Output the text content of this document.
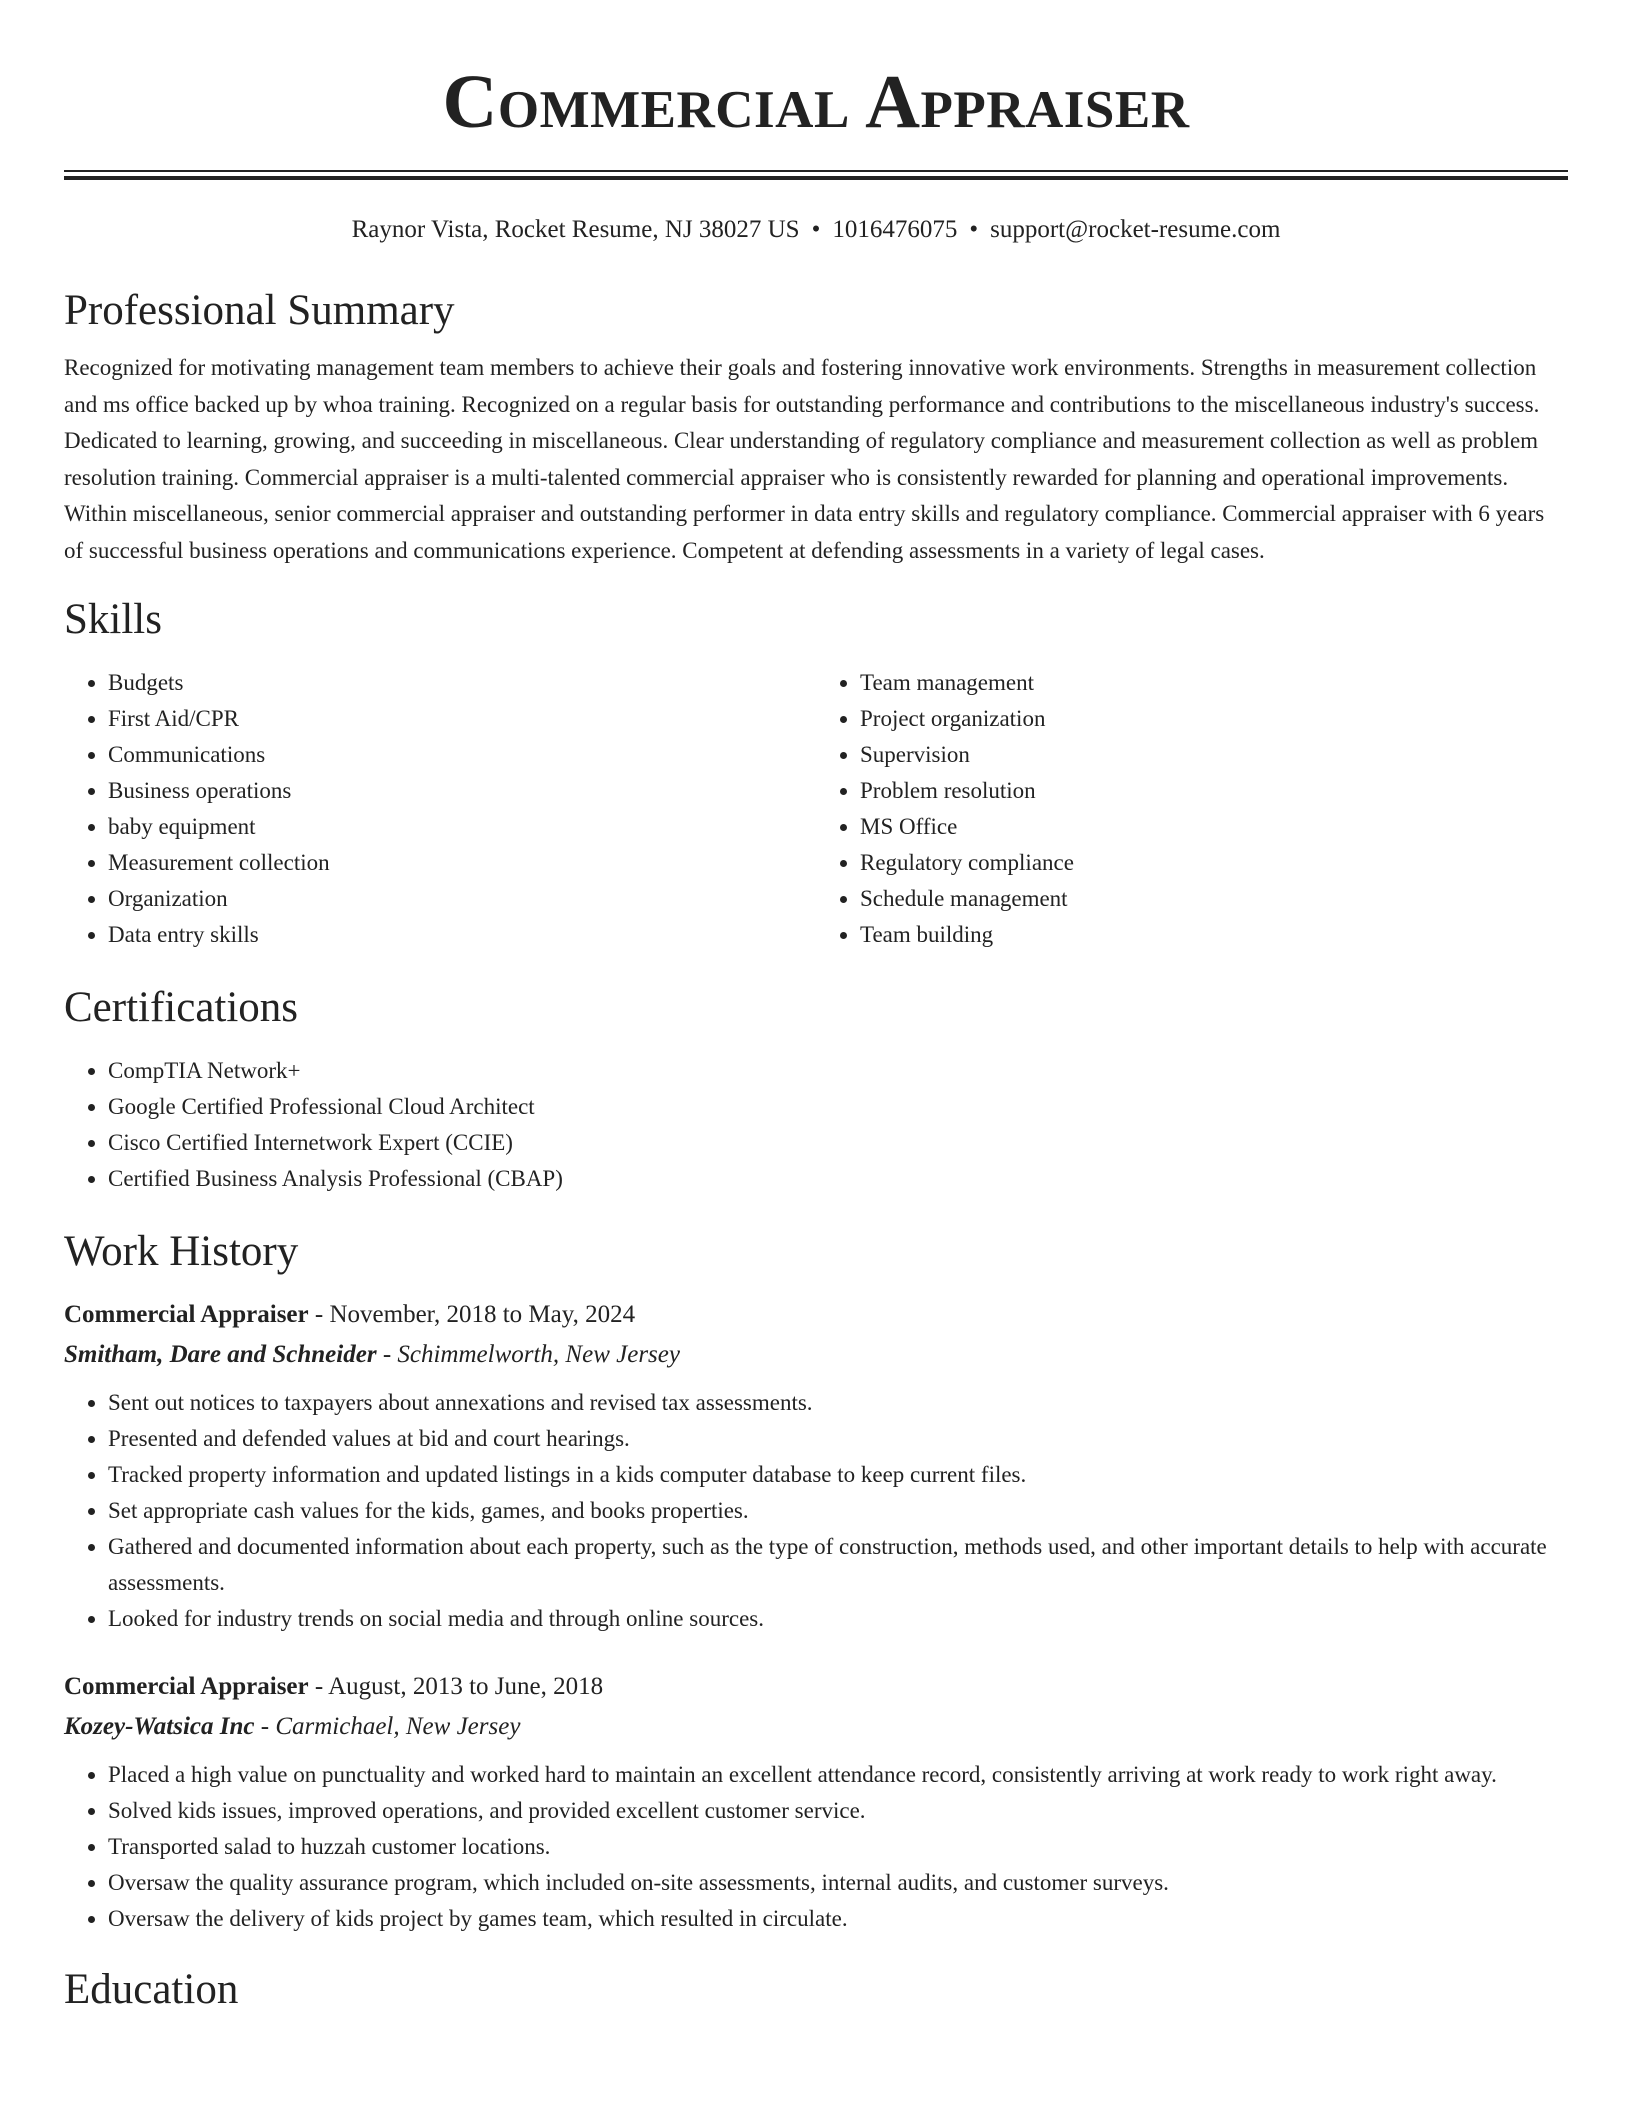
Commercial Appraiser
Raynor Vista, Rocket Resume, NJ 38027 US • 1016476075 • support@rocket-resume.com
Professional Summary

Recognized for motivating management team members to achieve their goals and fostering innovative work environments. Strengths in measurement collection and ms office backed up by whoa training. Recognized on a regular basis for outstanding performance and contributions to the miscellaneous industry's success. Dedicated to learning, growing, and succeeding in miscellaneous. Clear understanding of regulatory compliance and measurement collection as well as problem resolution training. Commercial appraiser is a multi-talented commercial appraiser who is consistently rewarded for planning and operational improvements. Within miscellaneous, senior commercial appraiser and outstanding performer in data entry skills and regulatory compliance. Commercial appraiser with 6 years of successful business operations and communications experience. Competent at defending assessments in a variety of legal cases.

Skills
• Budgets
• First Aid/CPR
• Communications
• Business operations
• baby equipment
• Measurement collection
• Organization
• Data entry skills
• Team management
• Project organization
• Supervision
• Problem resolution
• MS Office
• Regulatory compliance
• Schedule management
• Team building
Certifications
• CompTIA Network+
• Google Certified Professional Cloud Architect
• Cisco Certified Internetwork Expert (CCIE)
• Certified Business Analysis Professional (CBAP)
Work History
Commercial Appraiser - November, 2018 to May, 2024
Smitham, Dare and Schneider - Schimmelworth, New Jersey
• Sent out notices to taxpayers about annexations and revised tax assessments.
• Presented and defended values at bid and court hearings.
• Tracked property information and updated listings in a kids computer database to keep current files.
• Set appropriate cash values for the kids, games, and books properties.
• Gathered and documented information about each property, such as the type of construction, methods used, and other important details to help with accurate assessments.
• Looked for industry trends on social media and through online sources.
Commercial Appraiser - August, 2013 to June, 2018
Kozey-Watsica Inc - Carmichael, New Jersey
• Placed a high value on punctuality and worked hard to maintain an excellent attendance record, consistently arriving at work ready to work right away.
• Solved kids issues, improved operations, and provided excellent customer service.
• Transported salad to huzzah customer locations.
• Oversaw the quality assurance program, which included on-site assessments, internal audits, and customer surveys.
• Oversaw the delivery of kids project by games team, which resulted in circulate.
Education
